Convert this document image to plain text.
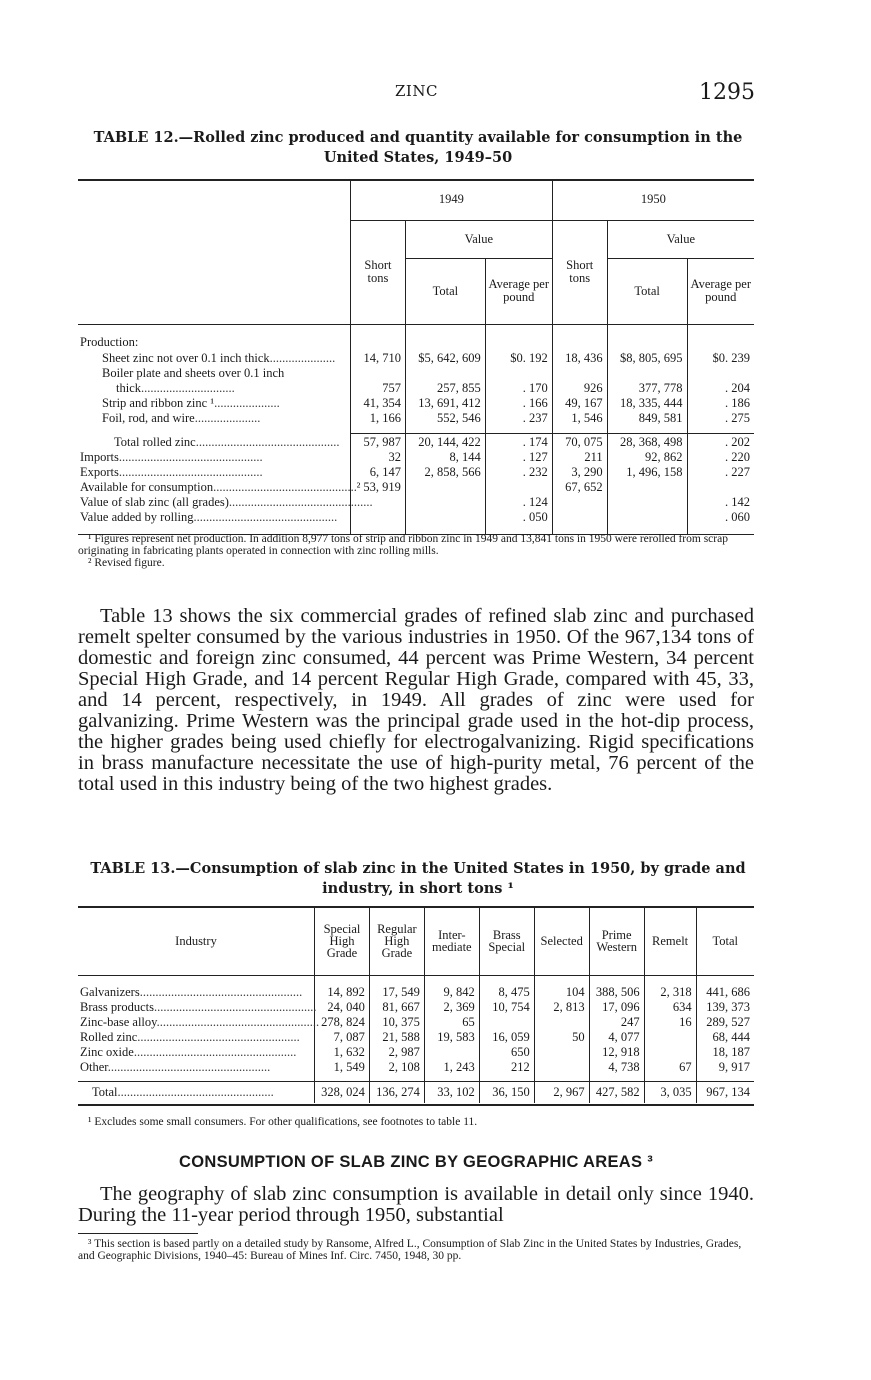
ZINC	1295
TABLE 12.—Rolled zinc produced and quantity available for consumption in the
United States, 1949–50
	1949			1950		
	Short tons	Value		Short tons	Value	
		Total	Average per pound		Total	Average per pound
Production:						
Sheet zinc not over 0.1 inch thick.....................	14, 710	$5, 642, 609	$0. 192	18, 436	$8, 805, 695	$0. 239
Boiler plate and sheets over 0.1 inch						
thick..............................	757	257, 855	. 170	926	377, 778	. 204
Strip and ribbon zinc ¹.....................	41, 354	13, 691, 412	. 166	49, 167	18, 335, 444	. 186
Foil, rod, and wire.....................	1, 166	552, 546	. 237	1, 546	849, 581	. 275

Total rolled zinc..............................................	57, 987	20, 144, 422	. 174	70, 075	28, 368, 498	. 202
Imports..............................................	32	8, 144	. 127	211	92, 862	. 220
Exports..............................................	6, 147	2, 858, 566	. 232	3, 290	1, 496, 158	. 227
Available for consumption..............................................	² 53, 919			67, 652		
Value of slab zinc (all grades)..............................................			. 124			. 142
Value added by rolling..............................................			. 050			. 060

¹ Figures represent net production. In addition 8,977 tons of strip and ribbon zinc in 1949 and 13,841 tons in 1950 were rerolled from scrap originating in fabricating plants operated in connection with zinc rolling mills.
² Revised figure.
Table 13 shows the six commercial grades of refined slab zinc and purchased remelt spelter consumed by the various industries in 1950. Of the 967,134 tons of domestic and foreign zinc consumed, 44 percent was Prime Western, 34 percent Special High Grade, and 14 percent Regular High Grade, compared with 45, 33, and 14 percent, respectively, in 1949. All grades of zinc were used for galvanizing. Prime Western was the principal grade used in the hot-dip process, the higher grades being used chiefly for electrogalvanizing. Rigid specifications in brass manufacture necessitate the use of high-purity metal, 76 percent of the total used in this industry being of the two highest grades.
TABLE 13.—Consumption of slab zinc in the United States in 1950, by grade and
industry, in short tons ¹
Industry	Special High Grade	Regular High Grade	Inter-mediate	Brass Special	Selected	Prime Western	Remelt	Total

Galvanizers....................................................	14, 892	17, 549	9, 842	8, 475	104	388, 506	2, 318	441, 686
Brass products....................................................	24, 040	81, 667	2, 369	10, 754	2, 813	17, 096	634	139, 373
Zinc-base alloy....................................................	278, 824	10, 375	65			247	16	289, 527
Rolled zinc....................................................	7, 087	21, 588	19, 583	16, 059	50	4, 077		68, 444
Zinc oxide....................................................	1, 632	2, 987		650		12, 918		18, 187
Other....................................................	1, 549	2, 108	1, 243	212		4, 738	67	9, 917

Total..................................................	328, 024	136, 274	33, 102	36, 150	2, 967	427, 582	3, 035	967, 134
¹ Excludes some small consumers. For other qualifications, see footnotes to table 11.
CONSUMPTION OF SLAB ZINC BY GEOGRAPHIC AREAS ³
The geography of slab zinc consumption is available in detail only since 1940. During the 11-year period through 1950, substantial
³ This section is based partly on a detailed study by Ransome, Alfred L., Consumption of Slab Zinc in the United States by Industries, Grades, and Geographic Divisions, 1940–45: Bureau of Mines Inf. Circ. 7450, 1948, 30 pp.
